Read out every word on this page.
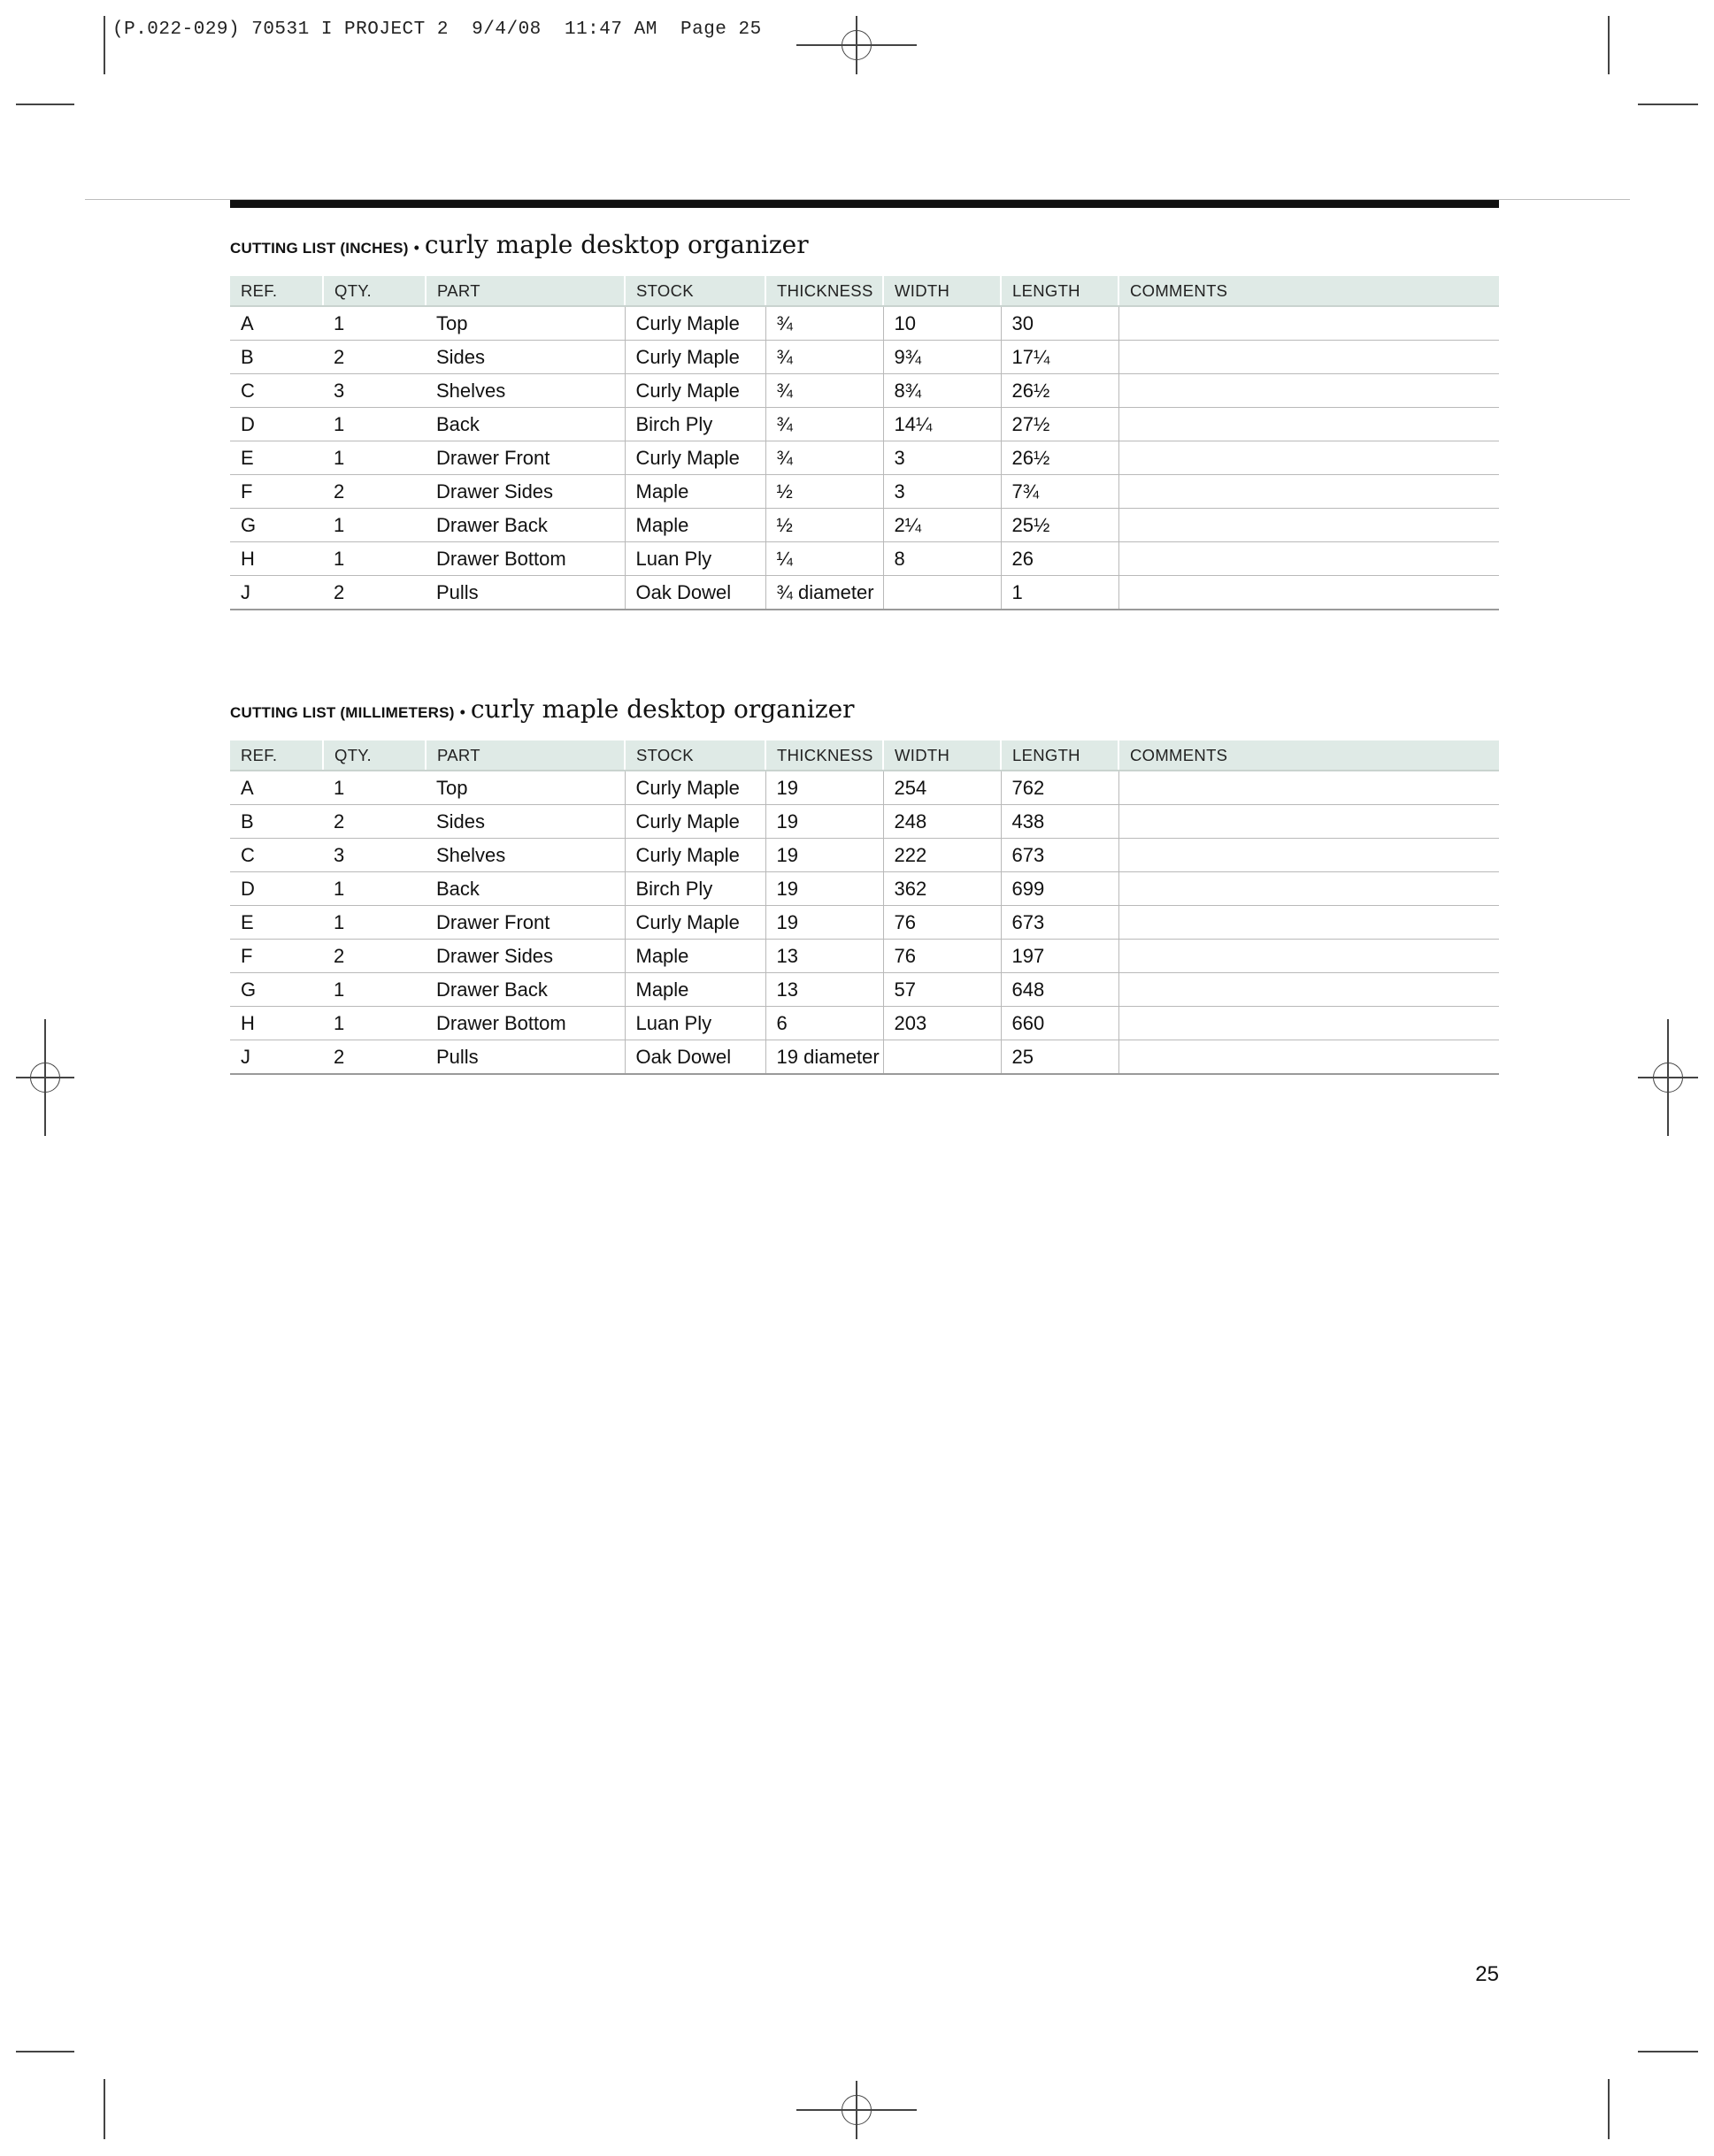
(P.022-029) 70531 I PROJECT 2  9/4/08  11:47 AM  Page 25
CUTTING LIST (INCHES) • curly maple desktop organizer
REF.	QTY.	PART	STOCK	THICKNESS	WIDTH	LENGTH	COMMENTS
A	1	Top	Curly Maple	¾	10	30	
B	2	Sides	Curly Maple	¾	9¾	17¼	
C	3	Shelves	Curly Maple	¾	8¾	26½	
D	1	Back	Birch Ply	¾	14¼	27½	
E	1	Drawer Front	Curly Maple	¾	3	26½	
F	2	Drawer Sides	Maple	½	3	7¾	
G	1	Drawer Back	Maple	½	2¼	25½	
H	1	Drawer Bottom	Luan Ply	¼	8	26	
J	2	Pulls	Oak Dowel	¾ diameter		1	
CUTTING LIST (MILLIMETERS) • curly maple desktop organizer
REF.	QTY.	PART	STOCK	THICKNESS	WIDTH	LENGTH	COMMENTS
A	1	Top	Curly Maple	19	254	762	
B	2	Sides	Curly Maple	19	248	438	
C	3	Shelves	Curly Maple	19	222	673	
D	1	Back	Birch Ply	19	362	699	
E	1	Drawer Front	Curly Maple	19	76	673	
F	2	Drawer Sides	Maple	13	76	197	
G	1	Drawer Back	Maple	13	57	648	
H	1	Drawer Bottom	Luan Ply	6	203	660	
J	2	Pulls	Oak Dowel	19 diameter		25	
25
